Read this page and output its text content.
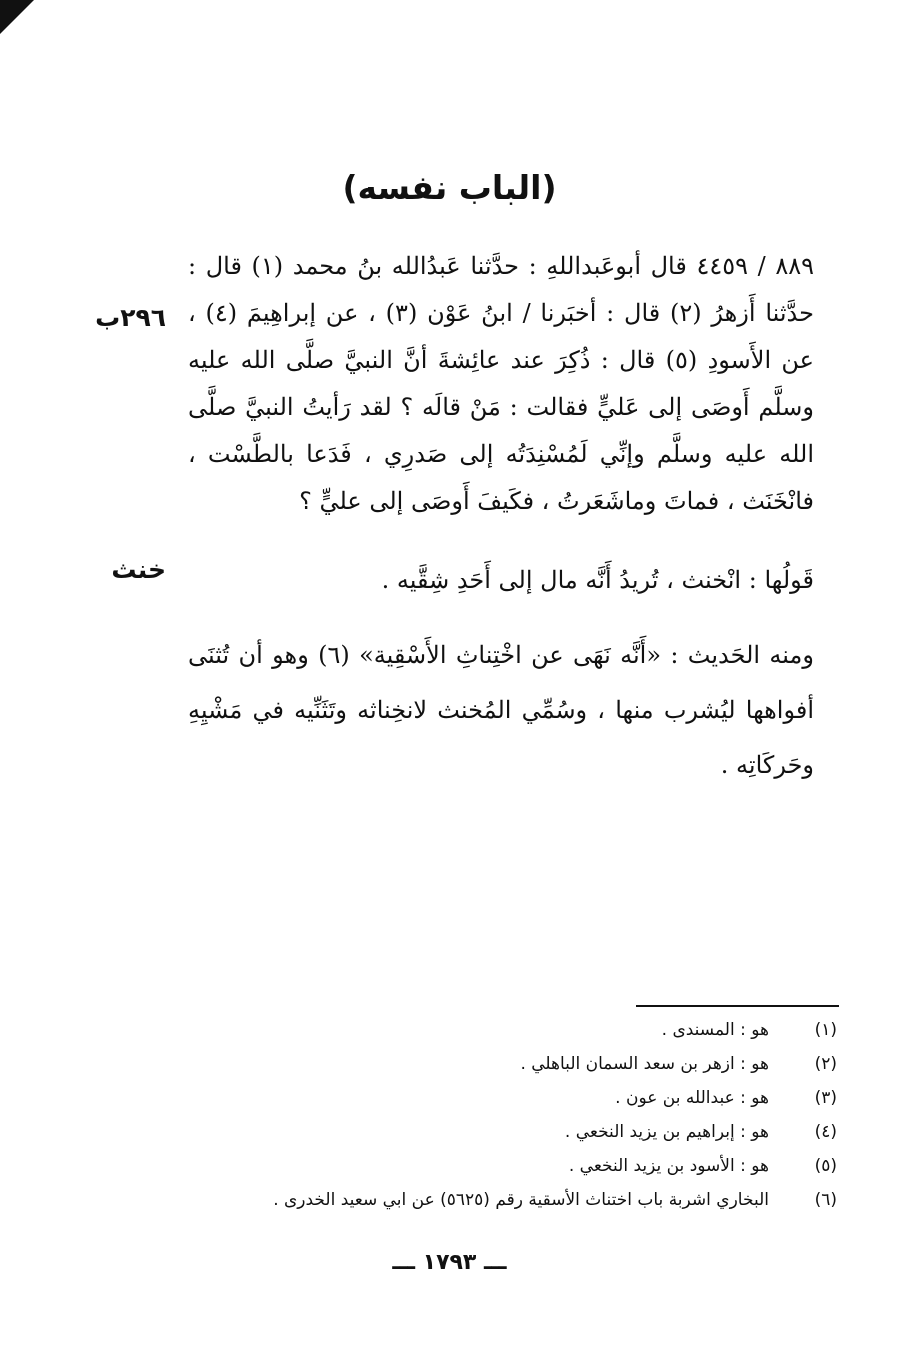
(الباب نفسه)
٢٩٦ب
خنث

٨٨٩ / ٤٤٥٩ قال أبوعَبداللهِ : حدَّثنا عَبدُالله بنُ محمد (١) قال : حدَّثنا أَزهرُ (٢) قال : أخبَرنا / ابنُ عَوْن (٣) ، عن إبراهِيمَ (٤) ، عن الأَسودِ (٥) قال : ذُكِرَ عند عائِشةَ أنَّ النبيَّ صلَّى الله عليه وسلَّم أَوصَى إلى عَليٍّ فقالت : مَنْ قالَه ؟ لقد رَأيتُ النبيَّ صلَّى الله عليه وسلَّم وإنِّي لَمُسْنِدَتُه إلى صَدرِي ، فَدَعا بالطَّسْت ، فانْخَنَث ، فماتَ وماشَعَرتُ ، فكَيفَ أَوصَى إلى عليٍّ ؟

قَولُها : انْخنث ، تُريدُ أَنَّه مال إلى أَحَدِ شِقَّيه .

ومنه الحَديث : «أَنَّه نَهَى عن اخْتِناثِ الأَسْقِية» (٦) وهو أن تُثنَى أفواهها ليُشرب منها ، وسُمِّي المُخنث لانخِناثه وتَثَنِّيه في مَشْيِهِ وحَركَاتِه .

(١)هو : المسندى .
(٢)هو : ازهر بن سعد السمان الباهلي .
(٣)هو : عبدالله بن عون .
(٤)هو : إبراهيم بن يزيد النخعي .
(٥)هو : الأسود بن يزيد النخعي .
(٦)البخاري اشربة باب اختناث الأسقية رقم (٥٦٢٥) عن ابي سعيد الخدرى .
ـــ ١٧٩٣ ـــ
